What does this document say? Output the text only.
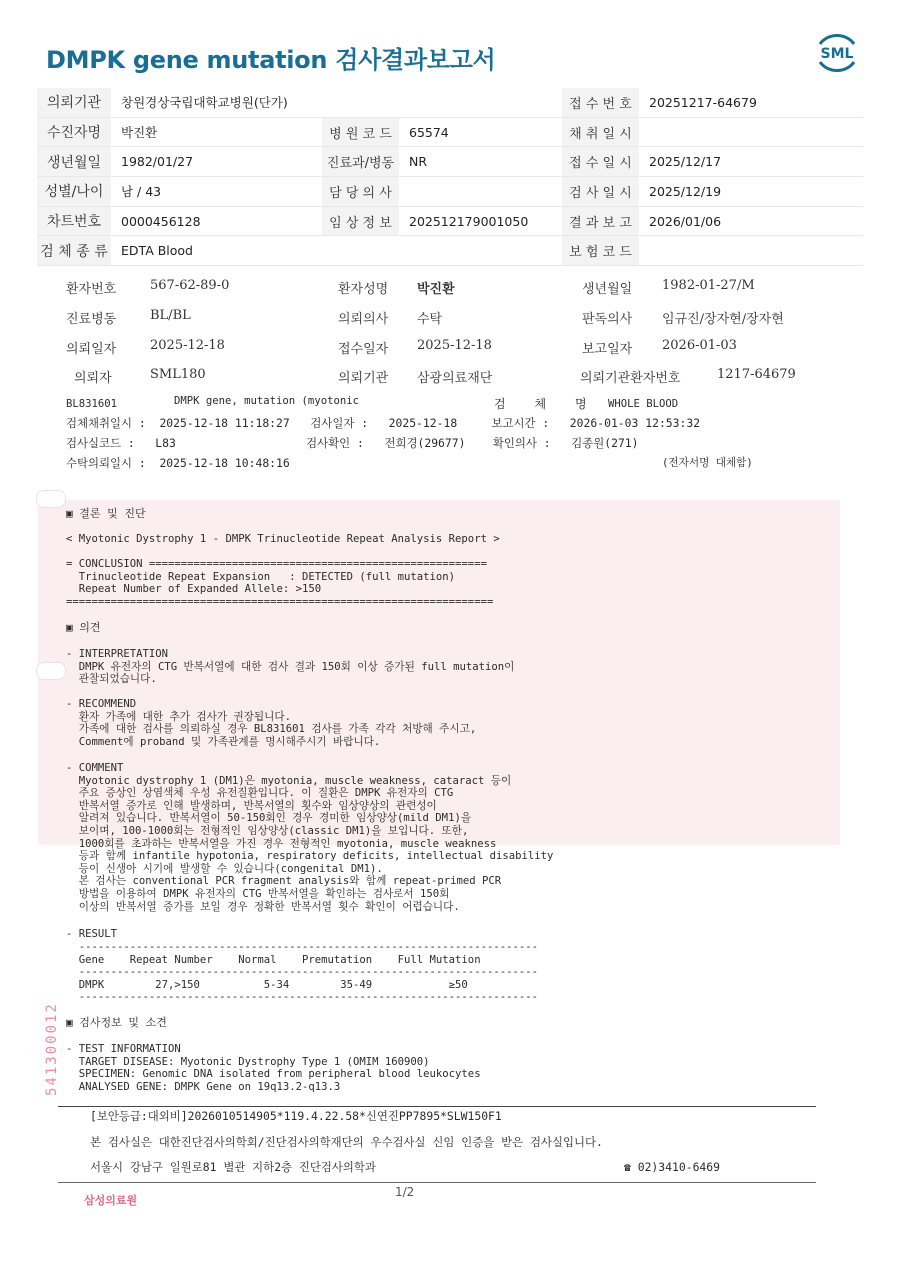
DMPK gene mutation 검사결과보고서	SML
의뢰기관	창원경상국립대학교병원(단가)			접 수 번 호	20251217-64679
수진자명	박진환	병 원 코 드	65574	채 취 일 시	
생년월일	1982/01/27	진료과/병동	NR	접 수 일 시	2025/12/17
성별/나이	남 / 43	담 당 의 사		검 사 일 시	2025/12/19
차트번호	0000456128	임 상 정 보	202512179001050	결 과 보 고	2026/01/06
검 체 종 류	EDTA Blood			보 험 코 드	
환자번호	567-62-89-0	환자성명 박진환	생년월일 1982-01-27/M
진료병동	BL/BL	의뢰의사 수탁	판독의사 임규진/장자현/장자현
의뢰일자	2025-12-18	접수일자 2025-12-18	보고일자 2026-01-03
의뢰자	SML180	의뢰기관 삼광의료재단	의뢰기관환자번호	1217-64679
BL831601	DMPK gene, mutation (myotonic	검    체    명 WHOLE BLOOD
검체채취일시 :  2025-12-18 11:18:27   검사일자 :   2025-12-18     보고시간 :   2026-01-03 12:53:32
검사실코드 :   L83                   검사확인 :   전희경(29677)    확인의사 :   김종원(271)
수탁의뢰일시 :  2025-12-18 10:48:16	(전자서명 대체함)
▣ 결론 및 진단
< Myotonic Dystrophy 1 - DMPK Trinucleotide Repeat Analysis Report >
= CONCLUSION =====================================================
Trinucleotide Repeat Expansion   : DETECTED (full mutation)
Repeat Number of Expanded Allele: >150
===================================================================
▣ 의견
- INTERPRETATION
DMPK 유전자의 CTG 반복서열에 대한 검사 결과 150회 이상 증가된 full mutation이
관찰되었습니다.
- RECOMMEND
환자 가족에 대한 추가 검사가 권장됩니다.
가족에 대한 검사를 의뢰하실 경우 BL831601 검사를 가족 각각 처방해 주시고,
Comment에 proband 및 가족관계를 명시해주시기 바랍니다.
- COMMENT
Myotonic dystrophy 1 (DM1)은 myotonia, muscle weakness, cataract 등이
주요 증상인 상염색체 우성 유전질환입니다. 이 질환은 DMPK 유전자의 CTG
반복서열 증가로 인해 발생하며, 반복서열의 횟수와 임상양상의 관련성이
알려져 있습니다. 반복서열이 50-150회인 경우 경미한 임상양상(mild DM1)을
보이며, 100-1000회는 전형적인 임상양상(classic DM1)을 보입니다. 또한,
1000회를 초과하는 반복서열을 가진 경우 전형적인 myotonia, muscle weakness
등과 함께 infantile hypotonia, respiratory deficits, intellectual disability
등이 신생아 시기에 발생할 수 있습니다(congenital DM1).
본 검사는 conventional PCR fragment analysis와 함께 repeat-primed PCR
방법을 이용하여 DMPK 유전자의 CTG 반복서열을 확인하는 검사로서 150회
이상의 반복서열 증가를 보일 경우 정확한 반복서열 횟수 확인이 어렵습니다.
- RESULT
------------------------------------------------------------------------
Gene    Repeat Number    Normal    Premutation    Full Mutation
------------------------------------------------------------------------
DMPK        27,>150          5-34        35-49            ≥50
------------------------------------------------------------------------
▣ 검사정보 및 소견
- TEST INFORMATION
TARGET DISEASE: Myotonic Dystrophy Type 1 (OMIM 160900)
SPECIMEN: Genomic DNA isolated from peripheral blood leukocytes
ANALYSED GENE: DMPK Gene on 19q13.2-q13.3
541300012
[보안등급:대외비]2026010514905*119.4.22.58*신연진PP7895*SLW150F1
본 검사실은 대한진단검사의학회/진단검사의학재단의 우수검사실 신임 인증을 받은 검사실입니다.
서울시 강남구 일원로81 별관 지하2층 진단검사의학과	☎ 02)3410-6469
삼성의료원
1/2
